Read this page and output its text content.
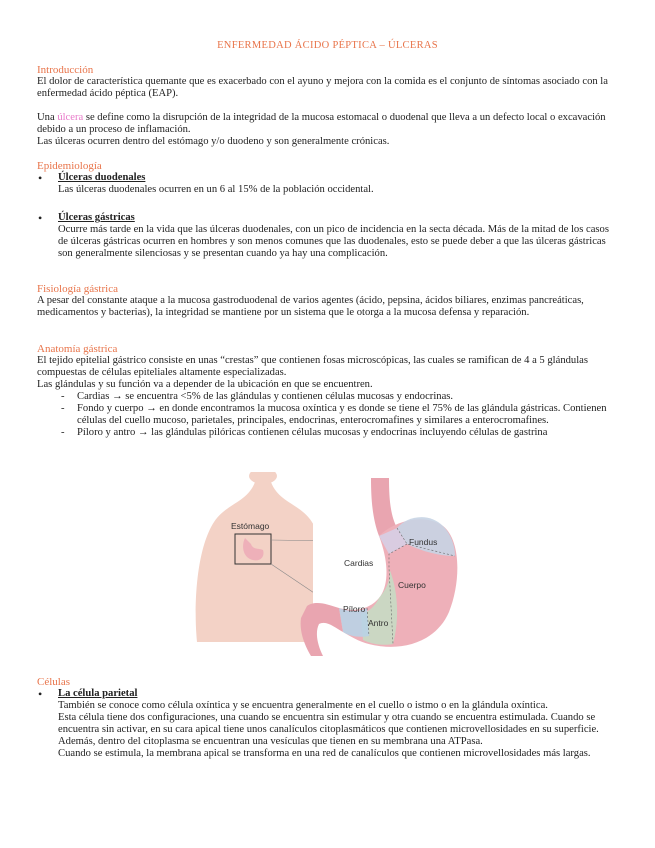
ENFERMEDAD ÁCIDO PÉPTICA – ÚLCERAS
Introducción

El dolor de característica quemante que es exacerbado con el ayuno y mejora con la comida es el conjunto de síntomas asociado con la enfermedad ácido péptica (EAP).

Una úlcera se define como la disrupción de la integridad de la mucosa estomacal o duodenal que lleva a un defecto local o excavación debido a un proceso de inflamación.

Las úlceras ocurren dentro del estómago y/o duodeno y son generalmente crónicas.

Epidemiología
• Úlceras duodenales

Las úlceras duodenales ocurren en un 6 al 15% de la población occidental.

• Úlceras gástricas

Ocurre más tarde en la vida que las úlceras duodenales, con un pico de incidencia en la secta década. Más de la mitad de los casos de úlceras gástricas ocurren en hombres y son menos comunes que las duodenales, esto se puede deber a que las úlceras gástricas son generalmente silenciosas y se presentan cuando ya hay una complicación.

Fisiología gástrica

A pesar del constante ataque a la mucosa gastroduodenal de varios agentes (ácido, pepsina, ácidos biliares, enzimas pancreáticas, medicamentos y bacterias), la integridad se mantiene por un sistema que le otorga a la mucosa defensa y reparación.

Anatomía gástrica

El tejido epitelial gástrico consiste en unas “crestas” que contienen fosas microscópicas, las cuales se ramifican de 4 a 5 glándulas compuestas de células epiteliales altamente especializadas.

Las glándulas y su función va a depender de la ubicación en que se encuentren.

- Cardias → se encuentra <5% de las glándulas y contienen células mucosas y endocrinas.
- Fondo y cuerpo → en donde encontramos la mucosa oxíntica y es donde se tiene el 75% de las glándula gástricas. Contienen células del cuello mucoso, parietales, principales, endocrinas, enterocromafines y similares a enterocromafines.
- Píloro y antro → las glándulas pilóricas contienen células mucosas y endocrinas incluyendo células de gastrina
Estómago
Fundus
Cardias
Cuerpo
Píloro
Antro
Células
• La célula parietal

También se conoce como célula oxíntica y se encuentra generalmente en el cuello o istmo o en la glándula oxíntica.

Esta célula tiene dos configuraciones, una cuando se encuentra sin estimular y otra cuando se encuentra estimulada. Cuando se encuentra sin activar, en su cara apical tiene unos canalículos citoplasmáticos que contienen microvellosidades en su superficie. Además, dentro del citoplasma se encuentran una vesículas que tienen en su membrana una ATPasa.

Cuando se estimula, la membrana apical se transforma en una red de canalículos que contienen microvellosidades más largas.
